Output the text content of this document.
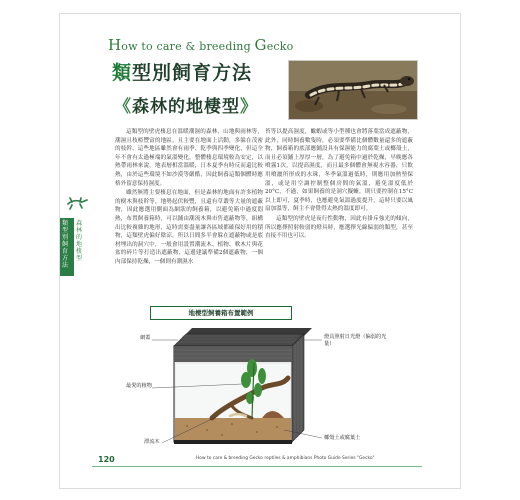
How to care & breeding Gecko
類型別飼育方法
《森林的地棲型》
類型別飼育方法
森林的地棲型

這類型的壁虎棲息在溫暖潮濕的森林，山地與雨林等，潮濕且枝椏豐富的地區。且主要在地面上活動，多躲在茂密的枝幹、這些地區雖然會有雨季、乾季與四季變化，但這全年不會有太過極端的氣溫變化，整體棲息環境較為安定，以熱帶雨林來說，地表層相當溫暖，日本夏季有時反而還比較熱，由於這些環境不如沙漠等嚴酷，因此飼養這類個體時應格外留意保持濕度。

雖然無將主要棲息在地面，但是森林的地面有許多植物的樹木與枝幹等，地勢起伏較豐，且還有草叢等大量的遮蔽物，因此應選用側面為網狀的飼養箱，以避免箱中過度悶熱，布置飼養箱時，可以鋪由潮流木與市售遮蔽物等，組構出比較複雜的地形，這時需要盡量讓各區域都確保好用的積物，這類壁虎偏好陰涼，所以日間多半會躲在遮蔽物或是底材埋出的洞穴中，一般會用設置潮流木、植物、軟木片與花盆的碎片等打造出遮蔽物，這邊建議準備2個遮蔽物，一個內部保持乾燥，一個則有潮濕水

苔等以提高濕度，蠍蝦或等小型種也會將落葉當成遮蔽物，此外，同時飼養數隻時，必須要準備比個體數量還多的遮蔽物，飼養箱的底部應鋪設具有保濕能力的腐葉土或椰殼土，而且必須鋪上厚厚一層，為了避免箱中過於乾燥，早晚應各噴霧1次，以提高濕度，而且最多個體會無視水容器，只飲用噴灑所形成的水珠，冬季氣溫過低時，則應用加熱墊保溫，或是用空調控制整個房間的氣溫，避免溫度低於20°C，不過，如果飼養的是洞穴擬蜥，則只要控制在15°C以上即可，夏季時，也應避免氣溫過度提升，這時只要以風扇加溫等，飼主不會覺得太熱的溫度即可。

這類型的壁虎是夜行性動物，因此有掛斥強光的傾向，所以應擇照射較弱的燈具時，應選擇光線偏弱的類型，甚至直接不用也可以。

地棲型飼養箱布置範例
網蓋
最愛的植物
漂流木
燈具照射日光燈（偏弱的光量）
椰殼土或腐葉土
120	How to care & breeding Gecko reptiles & amphibians Photo Guide Series "Gecko"
